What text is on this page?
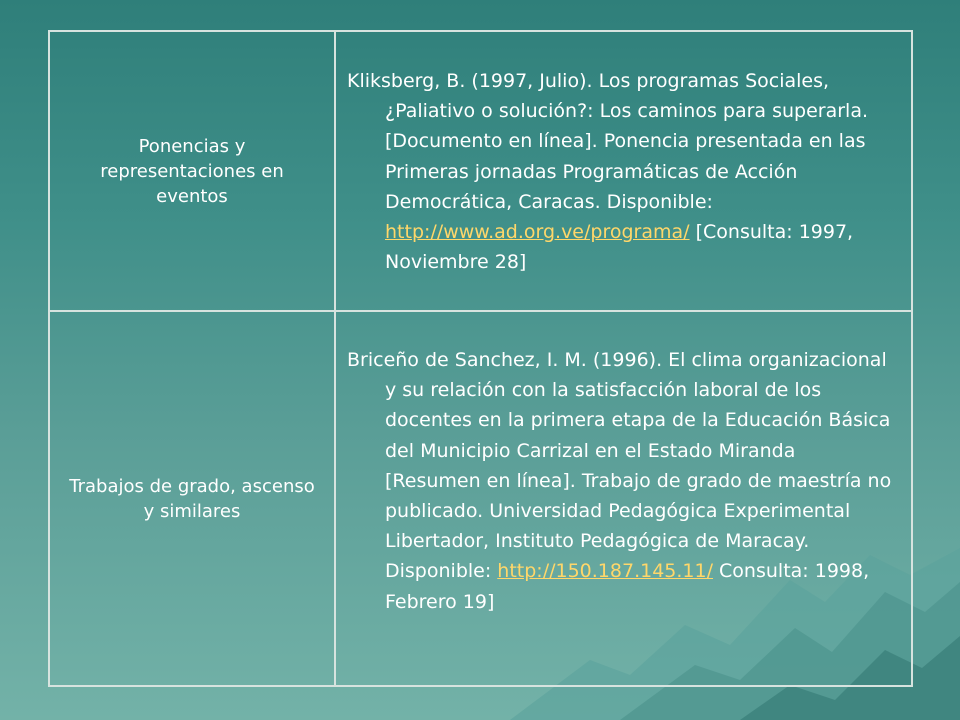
Ponencias y representaciones en eventos	Kliksberg, B. (1997, Julio). Los programas Sociales, ¿Paliativo o solución?: Los caminos para superarla. [Documento en línea]. Ponencia presentada en las Primeras jornadas Programáticas de Acción Democrática, Caracas. Disponible: http://www.ad.org.ve/programa/ [Consulta: 1997, Noviembre 28]

Trabajos de grado, ascenso y similares	Briceño de Sanchez, I. M. (1996). El clima organizacional y su relación con la satisfacción laboral de los docentes en la primera etapa de la Educación Básica del Municipio Carrizal en el Estado Miranda [Resumen en línea]. Trabajo de grado de maestría no publicado. Universidad Pedagógica Experimental Libertador, Instituto Pedagógica de Maracay. Disponible: http://150.187.145.11/ Consulta: 1998, Febrero 19]
